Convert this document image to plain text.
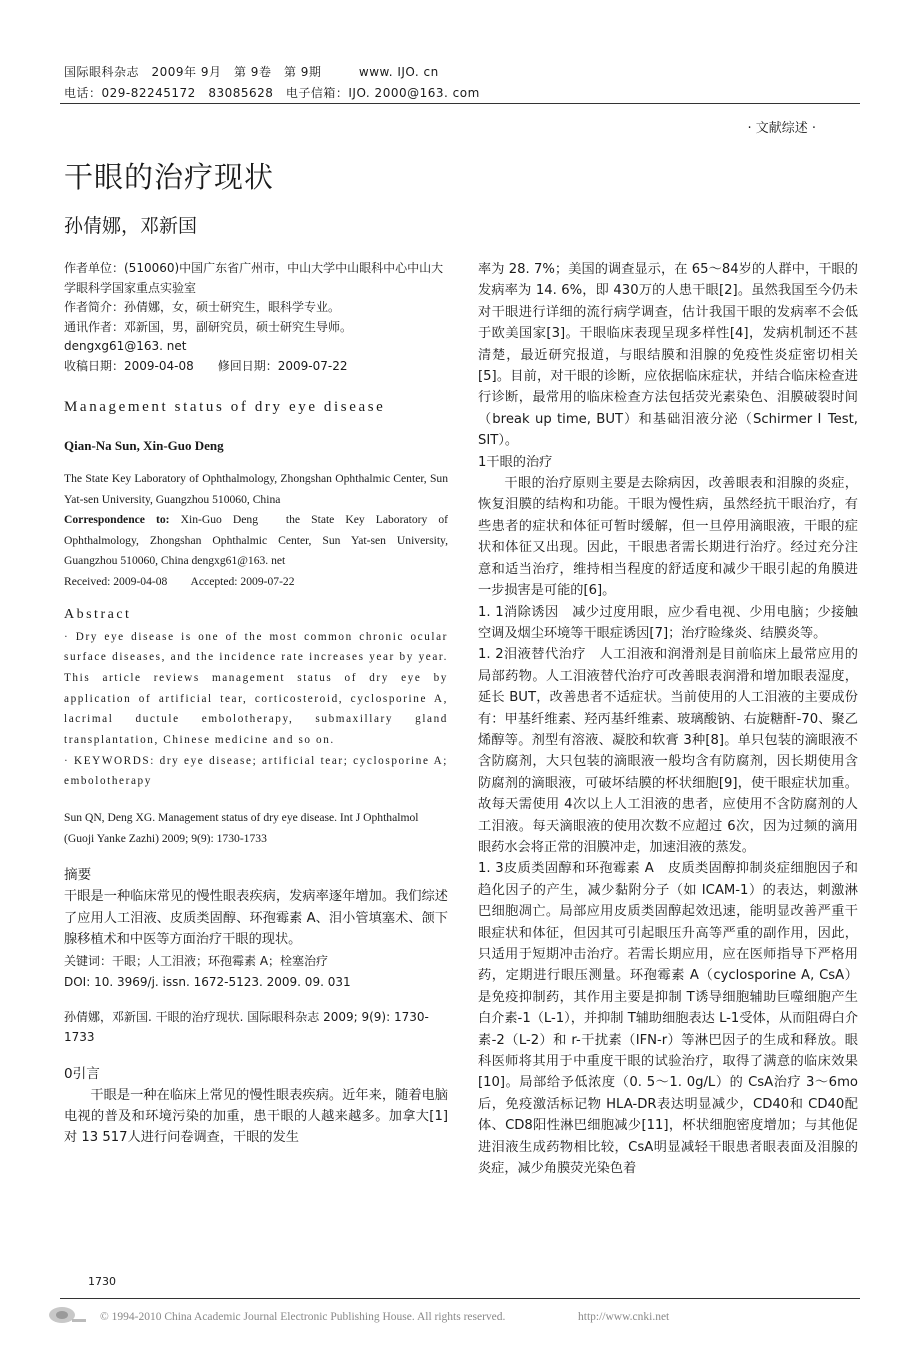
国际眼科杂志　2009年 9月　第 9卷　第 9期　　　www. IJO. cn
电话：029-82245172　83085628　电子信箱：IJO. 2000@163. com
· 文献综述 ·
干眼的治疗现状
孙倩娜，邓新国

作者单位：(510060)中国广东省广州市，中山大学中山眼科中心中山大学眼科学国家重点实验室

作者简介：孙倩娜，女，硕士研究生，眼科学专业。

通讯作者：邓新国，男，副研究员，硕士研究生导师。dengxg61@163. net

收稿日期：2009-04-08　　修回日期：2009-07-22

Management status of dry eye disease

Qian-Na Sun, Xin-Guo Deng

The State Key Laboratory of Ophthalmology, Zhongshan Ophthalmic Center, Sun Yat-sen University, Guangzhou 510060, China

Correspondence to: Xin-Guo Deng　the State Key Laboratory of Ophthalmology, Zhongshan Ophthalmic Center, Sun Yat-sen University, Guangzhou 510060, China dengxg61@163. net

Received: 2009-04-08　　Accepted: 2009-07-22

Abstract

· Dry eye disease is one of the most common chronic ocular surface diseases, and the incidence rate increases year by year. This article reviews management status of dry eye by application of artificial tear, corticosteroid, cyclosporine A, lacrimal ductule embolotherapy, submaxillary gland transplantation, Chinese medicine and so on.

· KEYWORDS: dry eye disease; artificial tear; cyclosporine A; embolotherapy

Sun QN, Deng XG. Management status of dry eye disease. Int J Ophthalmol (Guoji Yanke Zazhi) 2009; 9(9): 1730-1733

摘要

干眼是一种临床常见的慢性眼表疾病，发病率逐年增加。我们综述了应用人工泪液、皮质类固醇、环孢霉素 A、泪小管填塞术、颌下腺移植术和中医等方面治疗干眼的现状。

关键词：干眼；人工泪液；环孢霉素 A；栓塞治疗

DOI: 10. 3969/j. issn. 1672-5123. 2009. 09. 031

孙倩娜，邓新国. 干眼的治疗现状. 国际眼科杂志 2009; 9(9): 1730-1733

0引言

干眼是一种在临床上常见的慢性眼表疾病。近年来，随着电脑电视的普及和环境污染的加重，患干眼的人越来越多。加拿大[1]对 13 517人进行问卷调查，干眼的发生

率为 28. 7%；美国的调查显示，在 65～84岁的人群中，干眼的发病率为 14. 6%，即 430万的人患干眼[2]。虽然我国至今仍未对干眼进行详细的流行病学调查，估计我国干眼的发病率不会低于欧美国家[3]。干眼临床表现呈现多样性[4]，发病机制还不甚清楚，最近研究报道，与眼结膜和泪腺的免疫性炎症密切相关[5]。目前，对干眼的诊断，应依据临床症状，并结合临床检查进行诊断，最常用的临床检查方法包括荧光素染色、泪膜破裂时间（break up time, BUT）和基础泪液分泌（Schirmer Ⅰ Test, SⅠT）。

1干眼的治疗

干眼的治疗原则主要是去除病因，改善眼表和泪腺的炎症，恢复泪膜的结构和功能。干眼为慢性病，虽然经抗干眼治疗，有些患者的症状和体征可暂时缓解，但一旦停用滴眼液，干眼的症状和体征又出现。因此，干眼患者需长期进行治疗。经过充分注意和适当治疗，维持相当程度的舒适度和减少干眼引起的角膜进一步损害是可能的[6]。

1. 1消除诱因　减少过度用眼，应少看电视、少用电脑；少接触空调及烟尘环境等干眼症诱因[7]；治疗睑缘炎、结膜炎等。

1. 2泪液替代治疗　人工泪液和润滑剂是目前临床上最常应用的局部药物。人工泪液替代治疗可改善眼表润滑和增加眼表湿度，延长 BUT，改善患者不适症状。当前使用的人工泪液的主要成份有：甲基纤维素、羟丙基纤维素、玻璃酸钠、右旋糖酐-70、聚乙烯醇等。剂型有溶液、凝胶和软膏 3种[8]。单只包装的滴眼液不含防腐剂，大只包装的滴眼液一般均含有防腐剂，因长期使用含防腐剂的滴眼液，可破坏结膜的杯状细胞[9]，使干眼症状加重。故每天需使用 4次以上人工泪液的患者，应使用不含防腐剂的人工泪液。每天滴眼液的使用次数不应超过 6次，因为过频的滴用眼药水会将正常的泪膜冲走，加速泪液的蒸发。

1. 3皮质类固醇和环孢霉素 A　皮质类固醇抑制炎症细胞因子和趋化因子的产生，减少黏附分子（如 ICAM-1）的表达，刺激淋巴细胞凋亡。局部应用皮质类固醇起效迅速，能明显改善严重干眼症状和体征，但因其可引起眼压升高等严重的副作用，因此，只适用于短期冲击治疗。若需长期应用，应在医师指导下严格用药，定期进行眼压测量。环孢霉素 A（cyclosporine A, CsA）是免疫抑制药，其作用主要是抑制 T诱导细胞辅助巨噬细胞产生白介素-1（L-1），并抑制 T辅助细胞表达 L-1受体，从而阻碍白介素-2（L-2）和 r-干扰素（IFN-r）等淋巴因子的生成和释放。眼科医师将其用于中重度干眼的试验治疗，取得了满意的临床效果[10]。局部给予低浓度（0. 5～1. 0g/L）的 CsA治疗 3～6mo后，免疫激活标记物 HLA-DR表达明显减少，CD40和 CD40配体、CD8阳性淋巴细胞减少[11]，杯状细胞密度增加；与其他促进泪液生成药物相比较，CsA明显减轻干眼患者眼表面及泪腺的炎症，减少角膜荧光染色着

1730
© 1994-2010 China Academic Journal Electronic Publishing House. All rights reserved.	http://www.cnki.net
